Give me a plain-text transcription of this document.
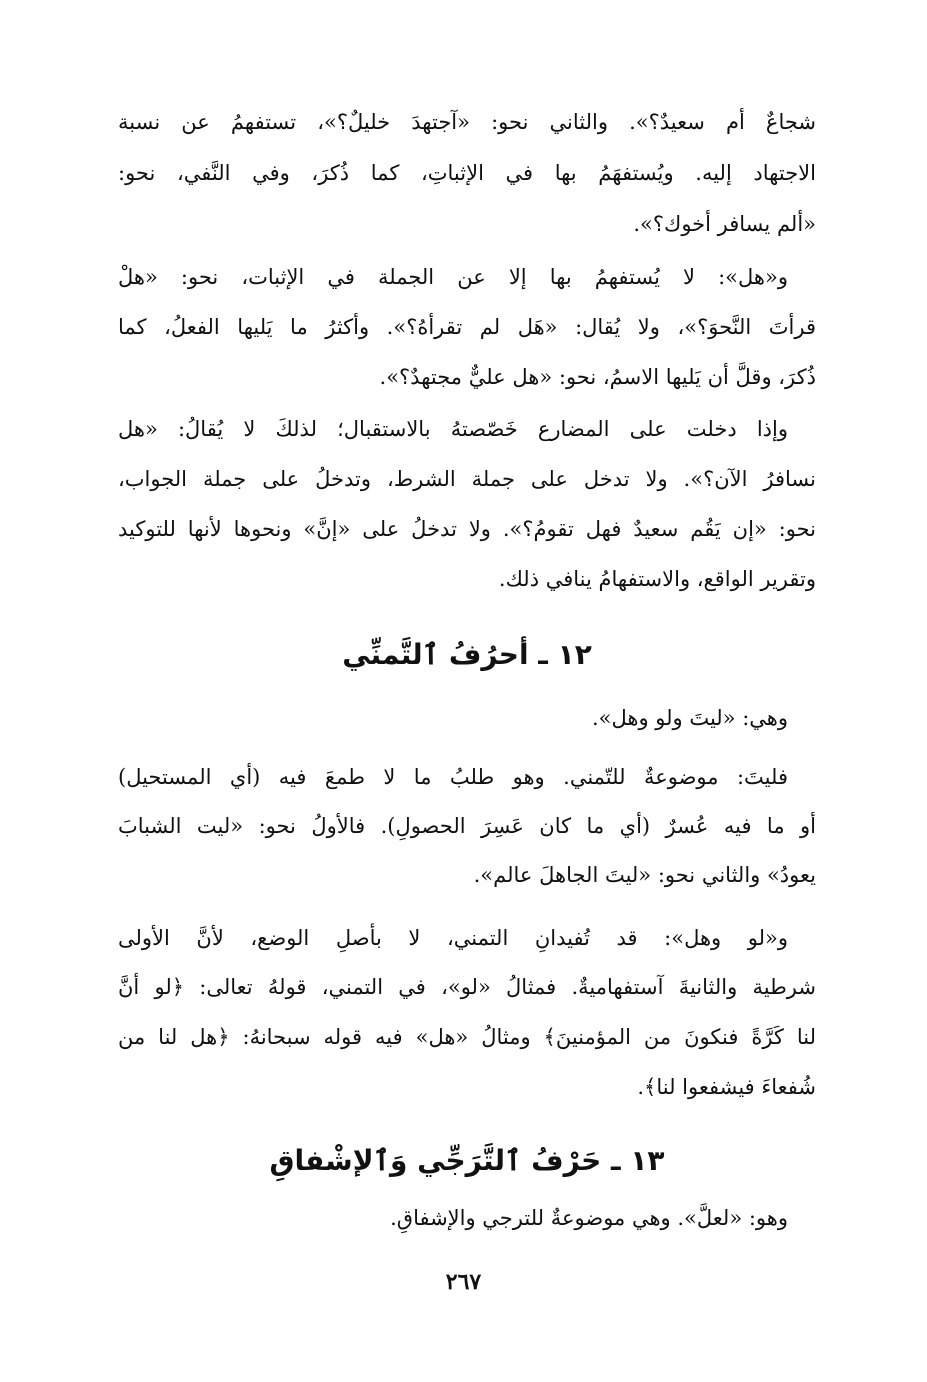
شجاعٌ أم سعيدٌ؟». والثاني نحو: «آجتهدَ خليلٌ؟»، تستفهمُ عن نسبة
الاجتهاد إليه. ويُستفهَمُ بها في الإثباتِ، كما ذُكرَ، وفي النَّفي، نحو:
«ألم يسافر أخوك؟».
و«هل»: لا يُستفهمُ بها إلا عن الجملة في الإثبات، نحو: «هلْ
قرأتَ النَّحوَ؟»، ولا يُقال: «هَل لم تقرأهُ؟». وأكثرُ ما يَليها الفعلُ، كما
ذُكرَ، وقلَّ أن يَليها الاسمُ، نحو: «هل عليٌّ مجتهدٌ؟».
وإذا دخلت على المضارع خَصّصتهُ بالاستقبال؛ لذلكَ لا يُقالُ: «هل
نسافرُ الآن؟». ولا تدخل على جملة الشرط، وتدخلُ على جملة الجواب،
نحو: «إن يَقُم سعيدٌ فهل تقومُ؟». ولا تدخلُ على «إنَّ» ونحوها لأنها للتوكيد
وتقرير الواقع، والاستفهامُ ينافي ذلك.
١٢ ـ أحرُفُ ٱلتَّمنِّي
وهي: «ليتَ ولو وهل».
فليتَ: موضوعةٌ للتّمني. وهو طلبُ ما لا طمعَ فيه (أي المستحيل)
أو ما فيه عُسرٌ (أي ما كان عَسِرَ الحصولِ). فالأولُ نحو: «ليت الشبابَ
يعودُ» والثاني نحو: «ليتَ الجاهلَ عالم».
و«لو وهل»: قد تُفيدانِ التمني، لا بأصلِ الوضع، لأنَّ الأولى
شرطية والثانيةَ آستفهاميةٌ. فمثالُ «لو»، في التمني، قولهُ تعالى: ﴿لو أنَّ
لنا كَرَّةً فنكونَ من المؤمنينَ﴾ ومثالُ «هل» فيه قوله سبحانهُ: ﴿هل لنا من
شُفعاءَ فيشفعوا لنا﴾.
١٣ ـ حَرْفُ ٱلتَّرَجِّي وَٱلإشْفاقِ
وهو: «لعلَّ». وهي موضوعةٌ للترجي والإشفاقِ.
٢٦٧
